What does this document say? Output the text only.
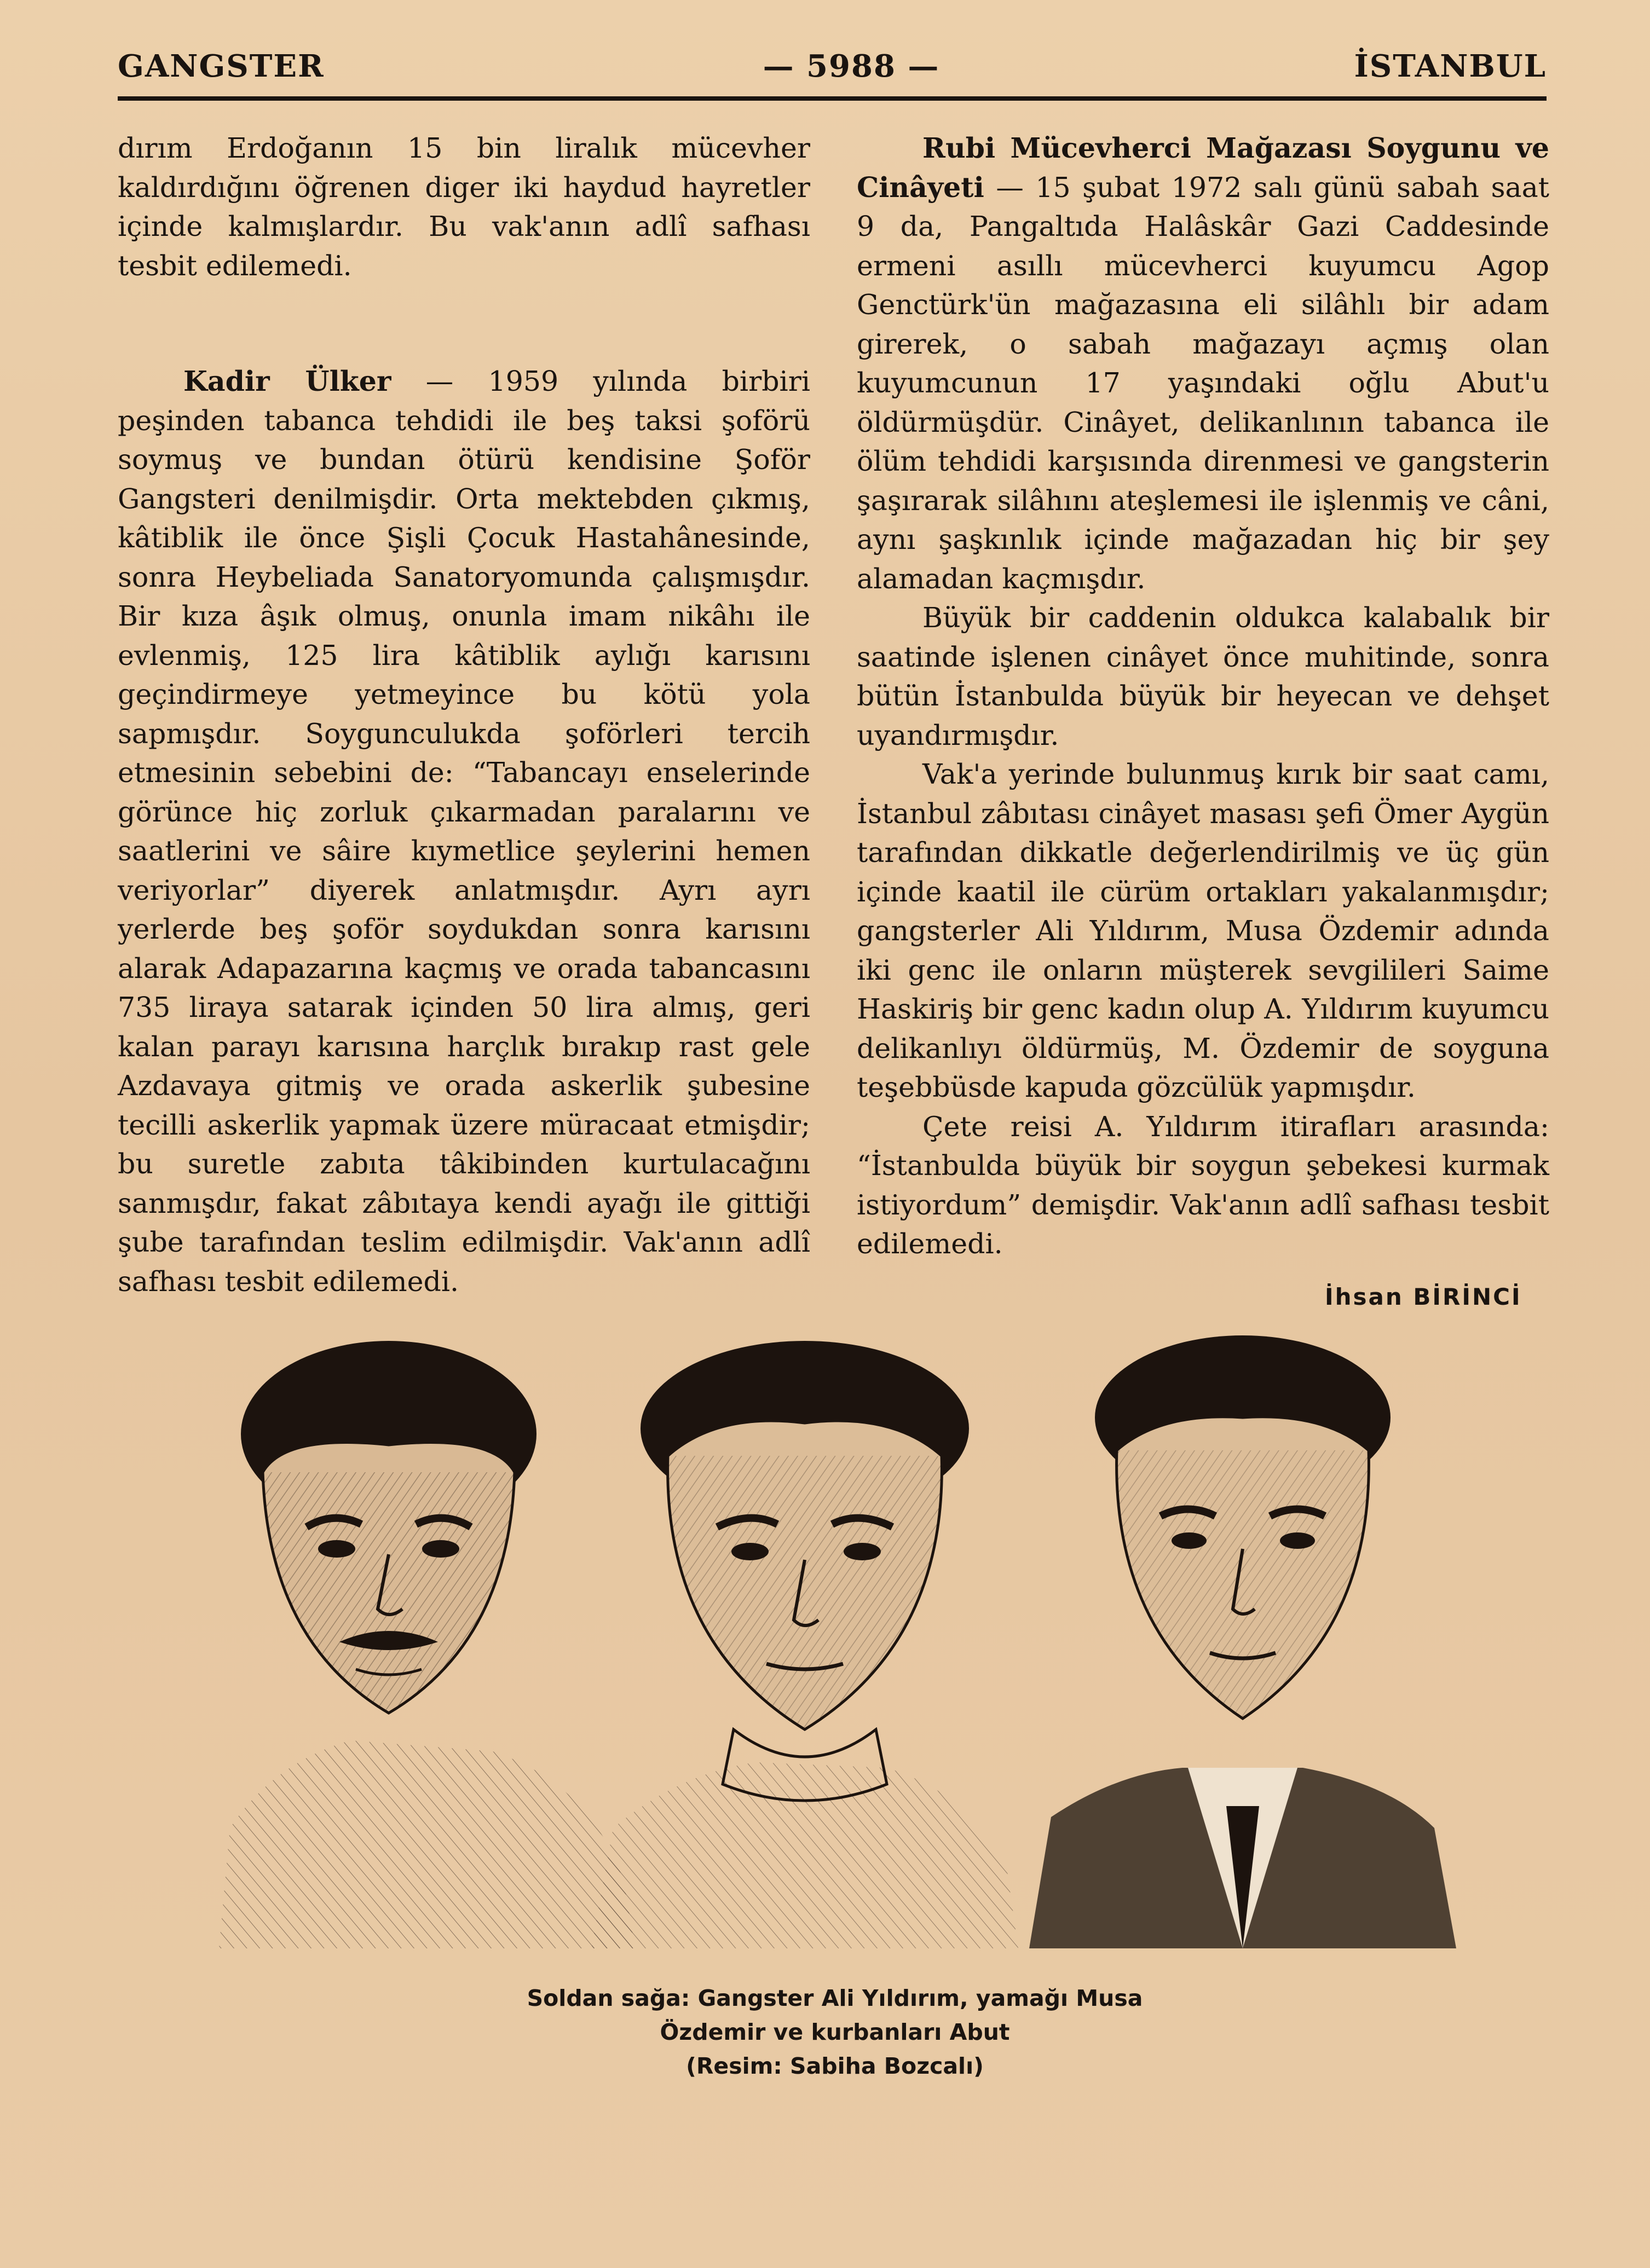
GANGSTER	— 5988 —	İSTANBUL

dırım Erdoğanın 15 bin liralık mücevher kaldırdığını öğrenen diger iki haydud hayretler içinde kalmışlardır. Bu vak'anın adlî safhası tesbit edilemedi.

Kadir Ülker — 1959 yılında birbiri peşinden tabanca tehdidi ile beş taksi şoförü soymuş ve bundan ötürü kendisine Şoför Gangsteri denilmişdir. Orta mektebden çıkmış, kâtiblik ile önce Şişli Çocuk Hastahânesinde, sonra Heybeliada Sanatoryomunda çalışmışdır. Bir kıza âşık olmuş, onunla imam nikâhı ile evlenmiş, 125 lira kâtiblik aylığı karısını geçindirmeye yetmeyince bu kötü yola sapmışdır. Soygunculukda şoförleri tercih etmesinin sebebini de: “Tabancayı enselerinde görünce hiç zorluk çıkarmadan paralarını ve saatlerini ve sâire kıymetlice şeylerini hemen veriyorlar” diyerek anlatmışdır. Ayrı ayrı yerlerde beş şoför soydukdan sonra karısını alarak Adapazarına kaçmış ve orada tabancasını 735 liraya satarak içinden 50 lira almış, geri kalan parayı karısına harçlık bırakıp rast gele Azdavaya gitmiş ve orada askerlik şubesine tecilli askerlik yapmak üzere müracaat etmişdir; bu suretle zabıta tâkibinden kurtulacağını sanmışdır, fakat zâbıtaya kendi ayağı ile gittiği şube tarafından teslim edilmişdir. Vak'anın adlî safhası tesbit edilemedi.

Rubi Mücevherci Mağazası Soygunu ve Cinâyeti — 15 şubat 1972 salı günü sabah saat 9 da, Pangaltıda Halâskâr Gazi Caddesinde ermeni asıllı mücevherci kuyumcu Agop Genctürk'ün mağazasına eli silâhlı bir adam girerek, o sabah mağazayı açmış olan kuyumcunun 17 yaşındaki oğlu Abut'u öldürmüşdür. Cinâyet, delikanlının tabanca ile ölüm tehdidi karşısında direnmesi ve gangsterin şaşırarak silâhını ateşlemesi ile işlenmiş ve câni, aynı şaşkınlık içinde mağazadan hiç bir şey alamadan kaçmışdır.

Büyük bir caddenin oldukca kalabalık bir saatinde işlenen cinâyet önce muhitinde, sonra bütün İstanbulda büyük bir heyecan ve dehşet uyandırmışdır.

Vak'a yerinde bulunmuş kırık bir saat camı, İstanbul zâbıtası cinâyet masası şefi Ömer Aygün tarafından dikkatle değerlendirilmiş ve üç gün içinde kaatil ile cürüm ortakları yakalanmışdır; gangsterler Ali Yıldırım, Musa Özdemir adında iki genc ile onların müşterek sevgilileri Saime Haskiriş bir genc kadın olup A. Yıldırım kuyumcu delikanlıyı öldürmüş, M. Özdemir de soyguna teşebbüsde kapuda gözcülük yapmışdır.

Çete reisi A. Yıldırım itirafları arasında: “İstanbulda büyük bir soygun şebekesi kurmak istiyordum” demişdir. Vak'anın adlî safhası tesbit edilemedi.

İhsan BİRİNCİ
Soldan sağa: Gangster Ali Yıldırım, yamağı Musa
Özdemir ve kurbanları Abut
(Resim: Sabiha Bozcalı)
